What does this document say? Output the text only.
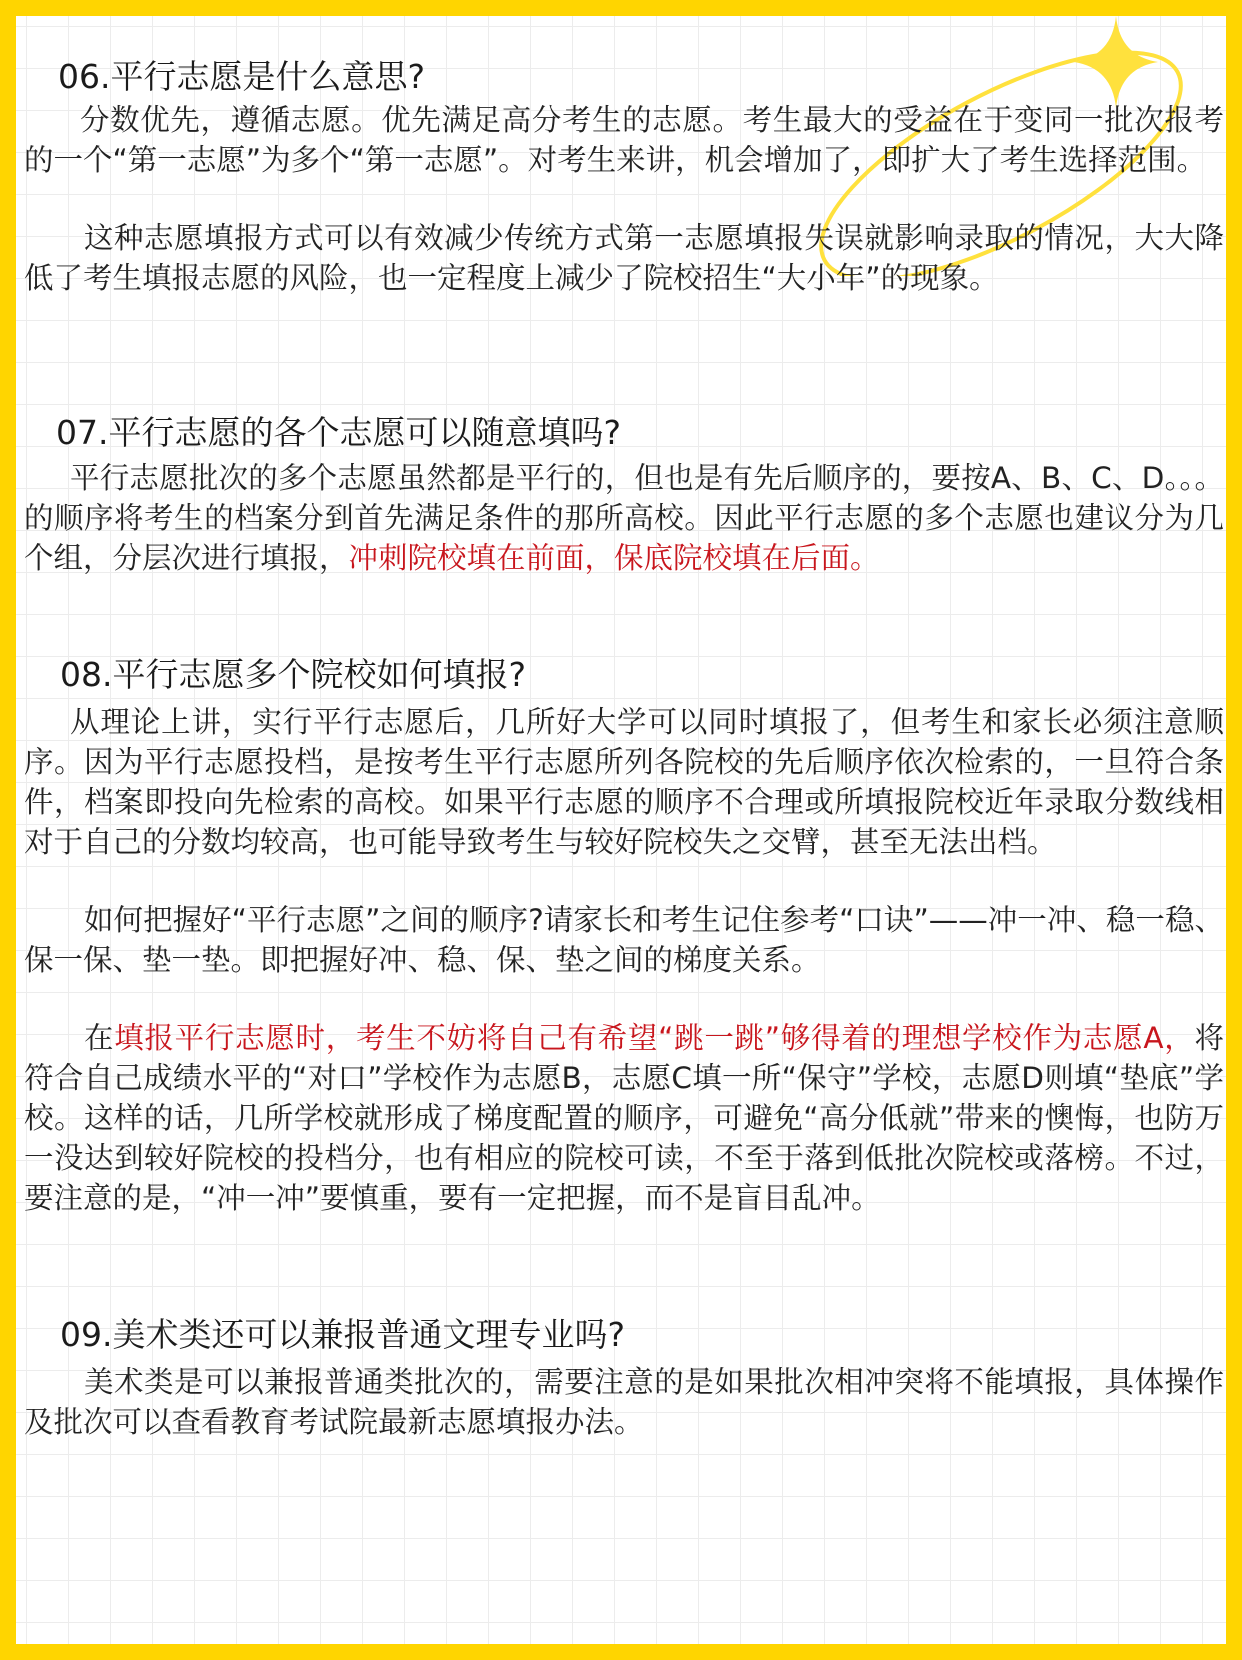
06.平行志愿是什么意思?

分数优先，遵循志愿。优先满足高分考生的志愿。考生最大的受益在于变同一批次报考的一个“第一志愿”为多个“第一志愿”。对考生来讲，机会增加了，即扩大了考生选择范围。

这种志愿填报方式可以有效减少传统方式第一志愿填报失误就影响录取的情况，大大降低了考生填报志愿的风险，也一定程度上减少了院校招生“大小年”的现象。

07.平行志愿的各个志愿可以随意填吗?

平行志愿批次的多个志愿虽然都是平行的，但也是有先后顺序的，要按A、B、C、D。。。的顺序将考生的档案分到首先满足条件的那所高校。因此平行志愿的多个志愿也建议分为几个组，分层次进行填报，冲刺院校填在前面，保底院校填在后面。

08.平行志愿多个院校如何填报?

从理论上讲，实行平行志愿后，几所好大学可以同时填报了，但考生和家长必须注意顺序。因为平行志愿投档，是按考生平行志愿所列各院校的先后顺序依次检索的，一旦符合条件，档案即投向先检索的高校。如果平行志愿的顺序不合理或所填报院校近年录取分数线相对于自己的分数均较高，也可能导致考生与较好院校失之交臂，甚至无法出档。

如何把握好“平行志愿”之间的顺序?请家长和考生记住参考“口诀”——冲一冲、稳一稳、保一保、垫一垫。即把握好冲、稳、保、垫之间的梯度关系。

在填报平行志愿时，考生不妨将自己有希望“跳一跳”够得着的理想学校作为志愿A，将符合自己成绩水平的“对口”学校作为志愿B，志愿C填一所“保守”学校，志愿D则填“垫底”学校。这样的话，几所学校就形成了梯度配置的顺序，可避免“高分低就”带来的懊悔，也防万一没达到较好院校的投档分，也有相应的院校可读，不至于落到低批次院校或落榜。不过，要注意的是，“冲一冲”要慎重，要有一定把握，而不是盲目乱冲。

09.美术类还可以兼报普通文理专业吗?

美术类是可以兼报普通类批次的，需要注意的是如果批次相冲突将不能填报，具体操作及批次可以查看教育考试院最新志愿填报办法。
